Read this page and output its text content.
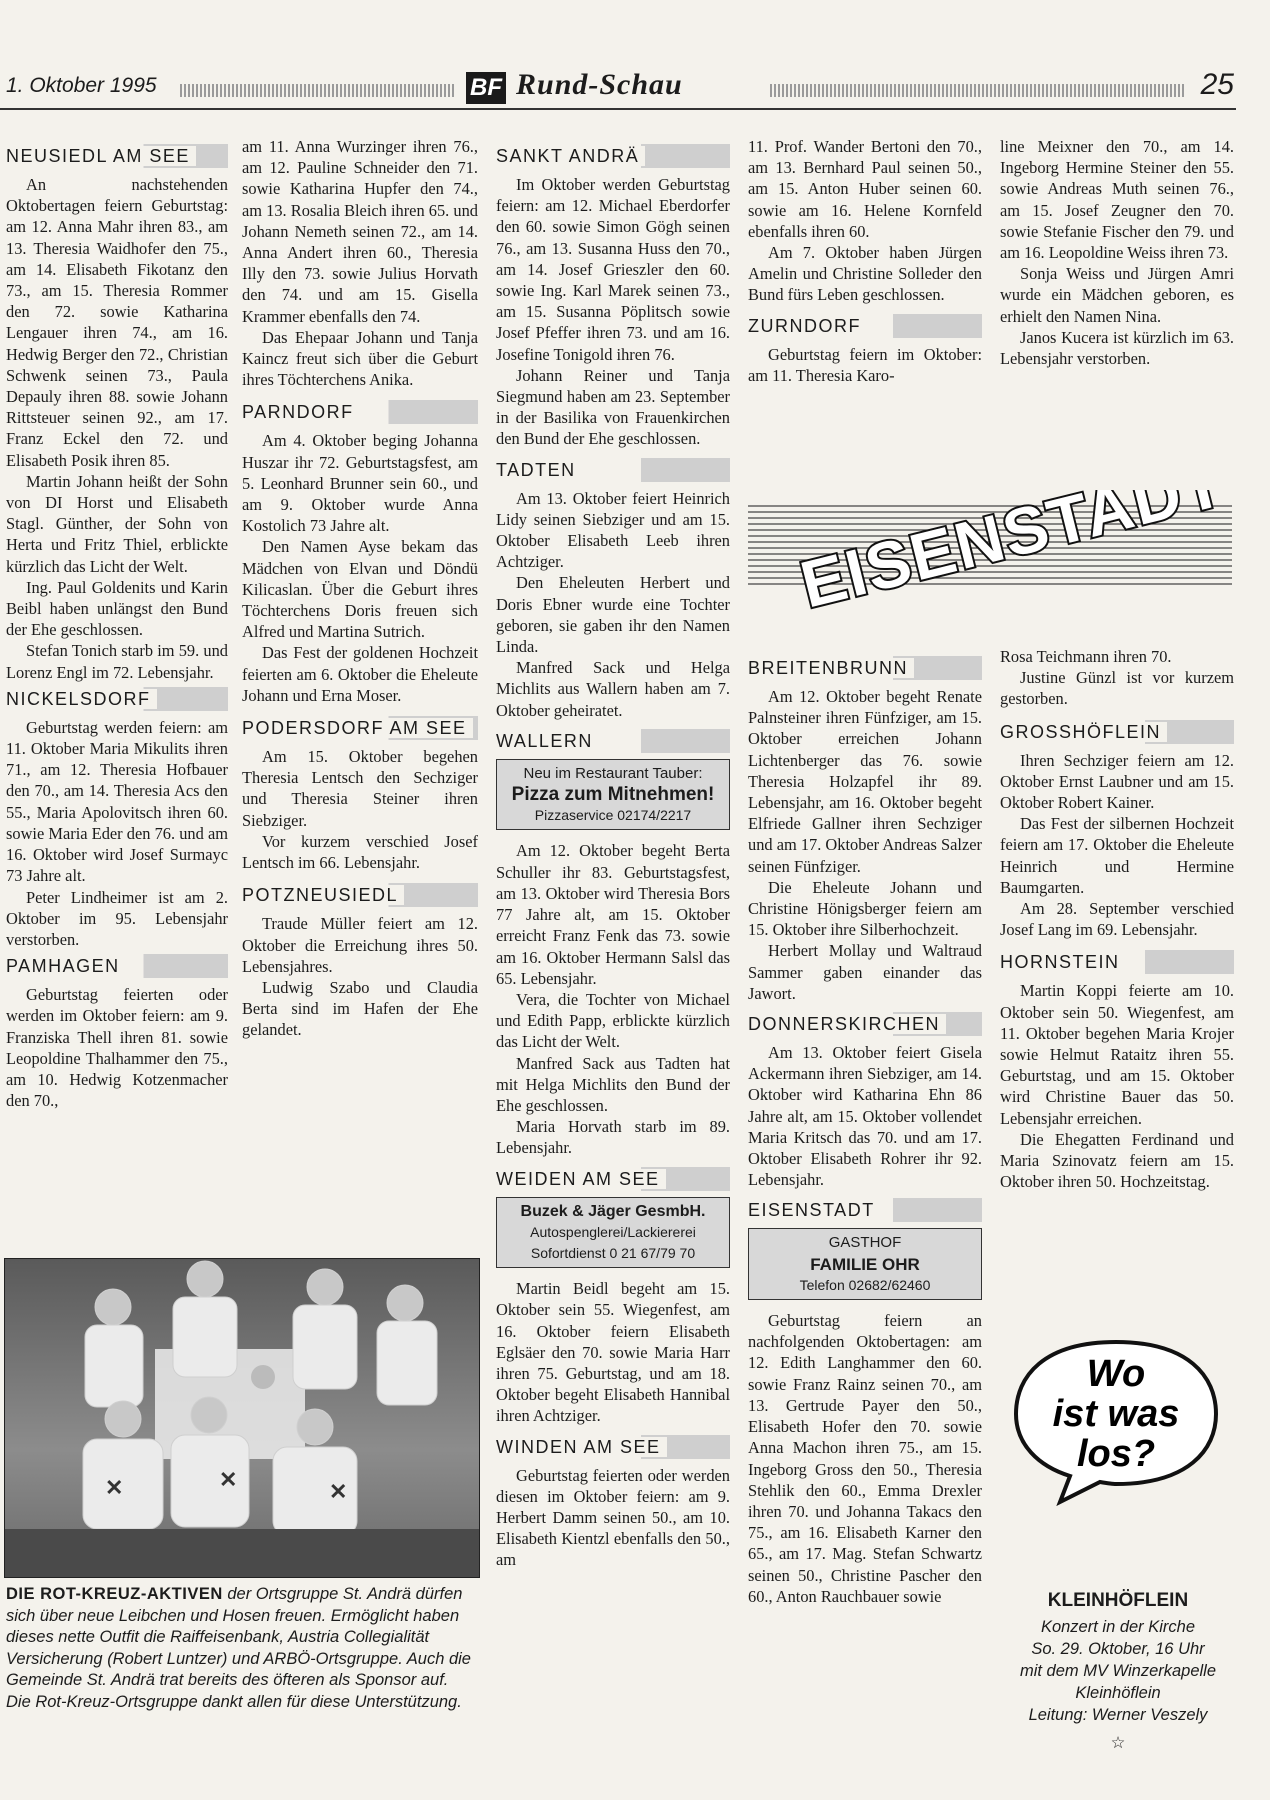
1. Oktober 1995	BF Rund-Schau	25
NEUSIEDL AM SEE

An nachstehenden Oktobertagen feiern Geburtstag: am 12. Anna Mahr ihren 83., am 13. Theresia Waidhofer den 75., am 14. Elisabeth Fikotanz den 73., am 15. Theresia Rommer den 72. sowie Katharina Lengauer ihren 74., am 16. Hedwig Berger den 72., Christian Schwenk seinen 73., Paula Depauly ihren 88. sowie Johann Rittsteuer seinen 92., am 17. Franz Eckel den 72. und Elisabeth Posik ihren 85.

Martin Johann heißt der Sohn von DI Horst und Elisabeth Stagl. Günther, der Sohn von Herta und Fritz Thiel, erblickte kürzlich das Licht der Welt.

Ing. Paul Goldenits und Karin Beibl haben unlängst den Bund der Ehe geschlossen.

Stefan Tonich starb im 59. und Lorenz Engl im 72. Lebensjahr.

NICKELSDORF

Geburtstag werden feiern: am 11. Oktober Maria Mikulits ihren 71., am 12. Theresia Hofbauer den 70., am 14. Theresia Acs den 55., Maria Apolovitsch ihren 60. sowie Maria Eder den 76. und am 16. Oktober wird Josef Surmayc 73 Jahre alt.

Peter Lindheimer ist am 2. Oktober im 95. Lebensjahr verstorben.

PAMHAGEN

Geburtstag feierten oder werden im Oktober feiern: am 9. Franziska Thell ihren 81. sowie Leopoldine Thalhammer den 75., am 10. Hedwig Kotzenmacher den 70.,

am 11. Anna Wurzinger ihren 76., am 12. Pauline Schneider den 71. sowie Katharina Hupfer den 74., am 13. Rosalia Bleich ihren 65. und Johann Nemeth seinen 72., am 14. Anna Andert ihren 60., Theresia Illy den 73. sowie Julius Horvath den 74. und am 15. Gisella Krammer ebenfalls den 74.

Das Ehepaar Johann und Tanja Kaincz freut sich über die Geburt ihres Töchterchens Anika.

PARNDORF

Am 4. Oktober beging Johanna Huszar ihr 72. Geburtstagsfest, am 5. Leonhard Brunner sein 60., und am 9. Oktober wurde Anna Kostolich 73 Jahre alt.

Den Namen Ayse bekam das Mädchen von Elvan und Döndü Kilicaslan. Über die Geburt ihres Töchterchens Doris freuen sich Alfred und Martina Sutrich.

Das Fest der goldenen Hochzeit feierten am 6. Oktober die Eheleute Johann und Erna Moser.

PODERSDORF AM SEE

Am 15. Oktober begehen Theresia Lentsch den Sechziger und Theresia Steiner ihren Siebziger.

Vor kurzem verschied Josef Lentsch im 66. Lebensjahr.

POTZNEUSIEDL

Traude Müller feiert am 12. Oktober die Erreichung ihres 50. Lebensjahres.

Ludwig Szabo und Claudia Berta sind im Hafen der Ehe gelandet.

✕	✕	✕
DIE ROT-KREUZ-AKTIVEN der Ortsgruppe St. Andrä dürfen sich über neue Leibchen und Hosen freuen. Ermöglicht haben dieses nette Outfit die Raiffeisenbank, Austria Collegialität Versicherung (Robert Luntzer) und ARBÖ-Ortsgruppe. Auch die Gemeinde St. Andrä trat bereits des öfteren als Sponsor auf. Die Rot-Kreuz-Ortsgruppe dankt allen für diese Unterstützung.
SANKT ANDRÄ

Im Oktober werden Geburtstag feiern: am 12. Michael Eberdorfer den 60. sowie Simon Gögh seinen 76., am 13. Susanna Huss den 70., am 14. Josef Grieszler den 60. sowie Ing. Karl Marek seinen 73., am 15. Susanna Pöplitsch sowie Josef Pfeffer ihren 73. und am 16. Josefine Tonigold ihren 76.

Johann Reiner und Tanja Siegmund haben am 23. September in der Basilika von Frauenkirchen den Bund der Ehe geschlossen.

TADTEN

Am 13. Oktober feiert Heinrich Lidy seinen Siebziger und am 15. Oktober Elisabeth Leeb ihren Achtziger.

Den Eheleuten Herbert und Doris Ebner wurde eine Tochter geboren, sie gaben ihr den Namen Linda.

Manfred Sack und Helga Michlits aus Wallern haben am 7. Oktober geheiratet.

WALLERN
Neu im Restaurant Tauber:
Pizza zum Mitnehmen!
Pizzaservice 02174/2217

Am 12. Oktober begeht Berta Schuller ihr 83. Geburtstagsfest, am 13. Oktober wird Theresia Bors 77 Jahre alt, am 15. Oktober erreicht Franz Fenk das 73. sowie am 16. Oktober Hermann Salsl das 65. Lebensjahr.

Vera, die Tochter von Michael und Edith Papp, erblickte kürzlich das Licht der Welt.

Manfred Sack aus Tadten hat mit Helga Michlits den Bund der Ehe geschlossen.

Maria Horvath starb im 89. Lebensjahr.

WEIDEN AM SEE
Buzek & Jäger GesmbH.
Autospenglerei/Lackiererei
Sofortdienst 0 21 67/79 70

Martin Beidl begeht am 15. Oktober sein 55. Wiegenfest, am 16. Oktober feiern Elisabeth Eglsäer den 70. sowie Maria Harr ihren 75. Geburtstag, und am 18. Oktober begeht Elisabeth Hannibal ihren Achtziger.

WINDEN AM SEE

Geburtstag feierten oder werden diesen im Oktober feiern: am 9. Herbert Damm seinen 50., am 10. Elisabeth Kientzl ebenfalls den 50., am

11. Prof. Wander Bertoni den 70., am 13. Bernhard Paul seinen 50., am 15. Anton Huber seinen 60. sowie am 16. Helene Kornfeld ebenfalls ihren 60.

Am 7. Oktober haben Jürgen Amelin und Christine Solleder den Bund fürs Leben geschlossen.

ZURNDORF

Geburtstag feiern im Oktober: am 11. Theresia Karo-

line Meixner den 70., am 14. Ingeborg Hermine Steiner den 55. sowie Andreas Muth seinen 76., am 15. Josef Zeugner den 70. sowie Stefanie Fischer den 79. und am 16. Leopoldine Weiss ihren 73.

Sonja Weiss und Jürgen Amri wurde ein Mädchen geboren, es erhielt den Namen Nina.

Janos Kucera ist kürzlich im 63. Lebensjahr verstorben.

EISENSTADT
BREITENBRUNN

Am 12. Oktober begeht Renate Palnsteiner ihren Fünfziger, am 15. Oktober erreichen Johann Lichtenberger das 76. sowie Theresia Holzapfel ihr 89. Lebensjahr, am 16. Oktober begeht Elfriede Gallner ihren Sechziger und am 17. Oktober Andreas Salzer seinen Fünfziger.

Die Eheleute Johann und Christine Hönigsberger feiern am 15. Oktober ihre Silberhochzeit.

Herbert Mollay und Waltraud Sammer gaben einander das Jawort.

DONNERSKIRCHEN

Am 13. Oktober feiert Gisela Ackermann ihren Siebziger, am 14. Oktober wird Katharina Ehn 86 Jahre alt, am 15. Oktober vollendet Maria Kritsch das 70. und am 17. Oktober Elisabeth Rohrer ihr 92. Lebensjahr.

EISENSTADT
GASTHOF
FAMILIE OHR
Telefon 02682/62460

Geburtstag feiern an nachfolgenden Oktobertagen: am 12. Edith Langhammer den 60. sowie Franz Rainz seinen 70., am 13. Gertrude Payer den 50., Elisabeth Hofer den 70. sowie Anna Machon ihren 75., am 15. Ingeborg Gross den 50., Theresia Stehlik den 60., Emma Drexler ihren 70. und Johanna Takacs den 75., am 16. Elisabeth Karner den 65., am 17. Mag. Stefan Schwartz seinen 50., Christine Pascher den 60., Anton Rauchbauer sowie

Rosa Teichmann ihren 70.

Justine Günzl ist vor kurzem gestorben.

GROSSHÖFLEIN

Ihren Sechziger feiern am 12. Oktober Ernst Laubner und am 15. Oktober Robert Kainer.

Das Fest der silbernen Hochzeit feiern am 17. Oktober die Eheleute Heinrich und Hermine Baumgarten.

Am 28. September verschied Josef Lang im 69. Lebensjahr.

HORNSTEIN

Martin Koppi feierte am 10. Oktober sein 50. Wiegenfest, am 11. Oktober begehen Maria Krojer sowie Helmut Rataitz ihren 55. Geburtstag, und am 15. Oktober wird Christine Bauer das 50. Lebensjahr erreichen.

Die Ehegatten Ferdinand und Maria Szinovatz feiern am 15. Oktober ihren 50. Hochzeitstag.

Wo
ist was
los?
KLEINHÖFLEIN
Konzert in der Kirche
So. 29. Oktober, 16 Uhr
mit dem MV Winzerkapelle
Kleinhöflein
Leitung: Werner Veszely
☆
